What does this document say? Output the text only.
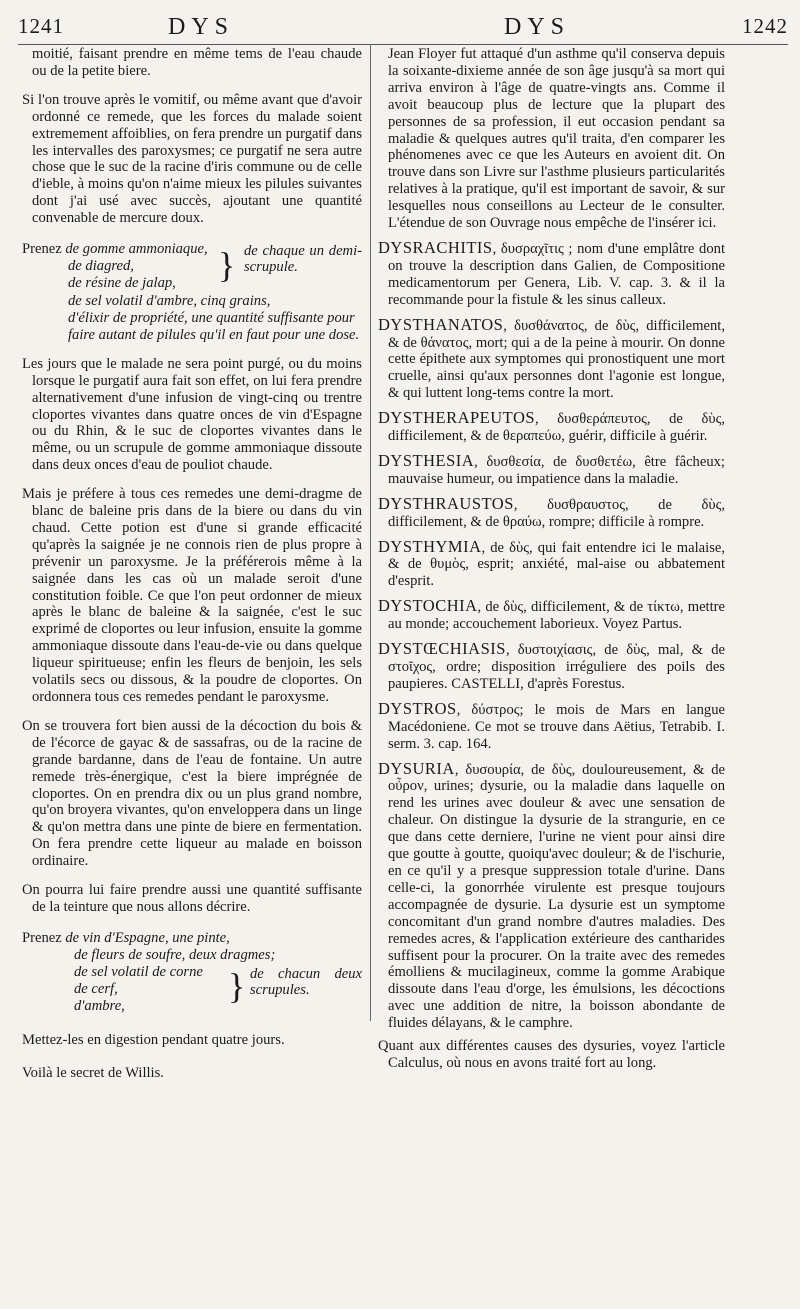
1241	DYS	DYS	1242

moitié, faisant prendre en même tems de l'eau chaude ou de la petite biere.

Si l'on trouve après le vomitif, ou même avant que d'avoir ordonné ce remede, que les forces du malade soient extremement affoiblies, on fera prendre un purgatif dans les intervalles des paroxysmes; ce purgatif ne sera autre chose que le suc de la racine d'iris commune ou de celle d'ieble, à moins qu'on n'aime mieux les pilules suivantes dont j'ai usé avec succès, ajoutant une quantité convenable de mercure doux.

Prenez de gomme ammoniaque,
de diagred,
de résine de jalap,	} de chaque un demi-scrupule.
de sel volatil d'ambre, cinq grains,
d'élixir de propriété, une quantité suffisante pour faire autant de pilules qu'il en faut pour une dose.

Les jours que le malade ne sera point purgé, ou du moins lorsque le purgatif aura fait son effet, on lui fera prendre alternativement d'une infusion de vingt-cinq ou trentre cloportes vivantes dans quatre onces de vin d'Espagne ou du Rhin, & le suc de cloportes vivantes dans le même, ou un scrupule de gomme ammoniaque dissoute dans deux onces d'eau de pouliot chaude.

Mais je préfere à tous ces remedes une demi-dragme de blanc de baleine pris dans de la biere ou dans du vin chaud. Cette potion est d'une si grande efficacité qu'après la saignée je ne connois rien de plus propre à prévenir un paroxysme. Je la préférerois même à la saignée dans les cas où un malade seroit d'une constitution foible. Ce que l'on peut ordonner de mieux après le blanc de baleine & la saignée, c'est le suc exprimé de cloportes ou leur infusion, ensuite la gomme ammoniaque dissoute dans l'eau-de-vie ou dans quelque liqueur spiritueuse; enfin les fleurs de benjoin, les sels volatils secs ou dissous, & la poudre de cloportes. On ordonnera tous ces remedes pendant le paroxysme.

On se trouvera fort bien aussi de la décoction du bois & de l'écorce de gayac & de sassafras, ou de la racine de grande bardanne, dans de l'eau de fontaine. Un autre remede très-énergique, c'est la biere imprégnée de cloportes. On en prendra dix ou un plus grand nombre, qu'on broyera vivantes, qu'on enveloppera dans un linge & qu'on mettra dans une pinte de biere en fermentation. On fera prendre cette liqueur au malade en boisson ordinaire.

On pourra lui faire prendre aussi une quantité suffisante de la teinture que nous allons décrire.

Prenez de vin d'Espagne, une pinte,
de fleurs de soufre, deux dragmes;
de sel volatil de corne de cerf,
d'ambre,	} de chacun deux scrupules.

Mettez-les en digestion pendant quatre jours.

Voilà le secret de Willis.

Jean Floyer fut attaqué d'un asthme qu'il conserva depuis la soixante-dixieme année de son âge jusqu'à sa mort qui arriva environ à l'âge de quatre-vingts ans. Comme il avoit beaucoup plus de lecture que la plupart des personnes de sa profession, il eut occasion pendant sa maladie & quelques autres qu'il traita, d'en comparer les phénomenes avec ce que les Auteurs en avoient dit. On trouve dans son Livre sur l'asthme plusieurs particularités relatives à la pratique, qu'il est important de savoir, & sur lesquelles nous conseillons au Lecteur de le consulter. L'étendue de son Ouvrage nous empêche de l'insérer ici.

DYSRACHITIS, δυσραχῖτις ; nom d'une emplâtre dont on trouve la description dans Galien, de Compositione medicamentorum per Genera, Lib. V. cap. 3. & il la recommande pour la fistule & les sinus calleux.

DYSTHANATOS, δυσθάνατος, de δὺς, difficilement, & de θάνατος, mort; qui a de la peine à mourir. On donne cette épithete aux symptomes qui pronostiquent une mort cruelle, ainsi qu'aux personnes dont l'agonie est longue, & qui luttent long-tems contre la mort.

DYSTHERAPEUTOS, δυσθεράπευτος, de δὺς, difficilement, & de θεραπεύω, guérir, difficile à guérir.

DYSTHESIA, δυσθεσία, de δυσθετέω, être fâcheux; mauvaise humeur, ou impatience dans la maladie.

DYSTHRAUSTOS, δυσθραυστος, de δὺς, difficilement, & de θραύω, rompre; difficile à rompre.

DYSTHYMIA, de δὺς, qui fait entendre ici le malaise, & de θυμὸς, esprit; anxiété, mal-aise ou abbatement d'esprit.

DYSTOCHIA, de δὺς, difficilement, & de τίκτω, mettre au monde; accouchement laborieux. Voyez Partus.

DYSTŒCHIASIS, δυστοιχίασις, de δὺς, mal, & de στοῖχος, ordre; disposition irréguliere des poils des paupieres. CASTELLI, d'après Forestus.

DYSTROS, δύστρος; le mois de Mars en langue Macédoniene. Ce mot se trouve dans Aëtius, Tetrabib. I. serm. 3. cap. 164.

DYSURIA, δυσουρία, de δὺς, douloureusement, & de οὖρον, urines; dysurie, ou la maladie dans laquelle on rend les urines avec douleur & avec une sensation de chaleur. On distingue la dysurie de la strangurie, en ce que dans cette derniere, l'urine ne vient pour ainsi dire que goutte à goutte, quoiqu'avec douleur; & de l'ischurie, en ce qu'il y a presque suppression totale d'urine. Dans celle-ci, la gonorrhée virulente est presque toujours accompagnée de dysurie. La dysurie est un symptome concomitant d'un grand nombre d'autres maladies. Des remedes acres, & l'application extérieure des cantharides suffisent pour la procurer. On la traite avec des remedes émolliens & mucilagineux, comme la gomme Arabique dissoute dans l'eau d'orge, les émulsions, les décoctions avec une addition de nitre, la boisson abondante de fluides délayans, & le camphre.

Quant aux différentes causes des dysuries, voyez l'article Calculus, où nous en avons traité fort au long.
